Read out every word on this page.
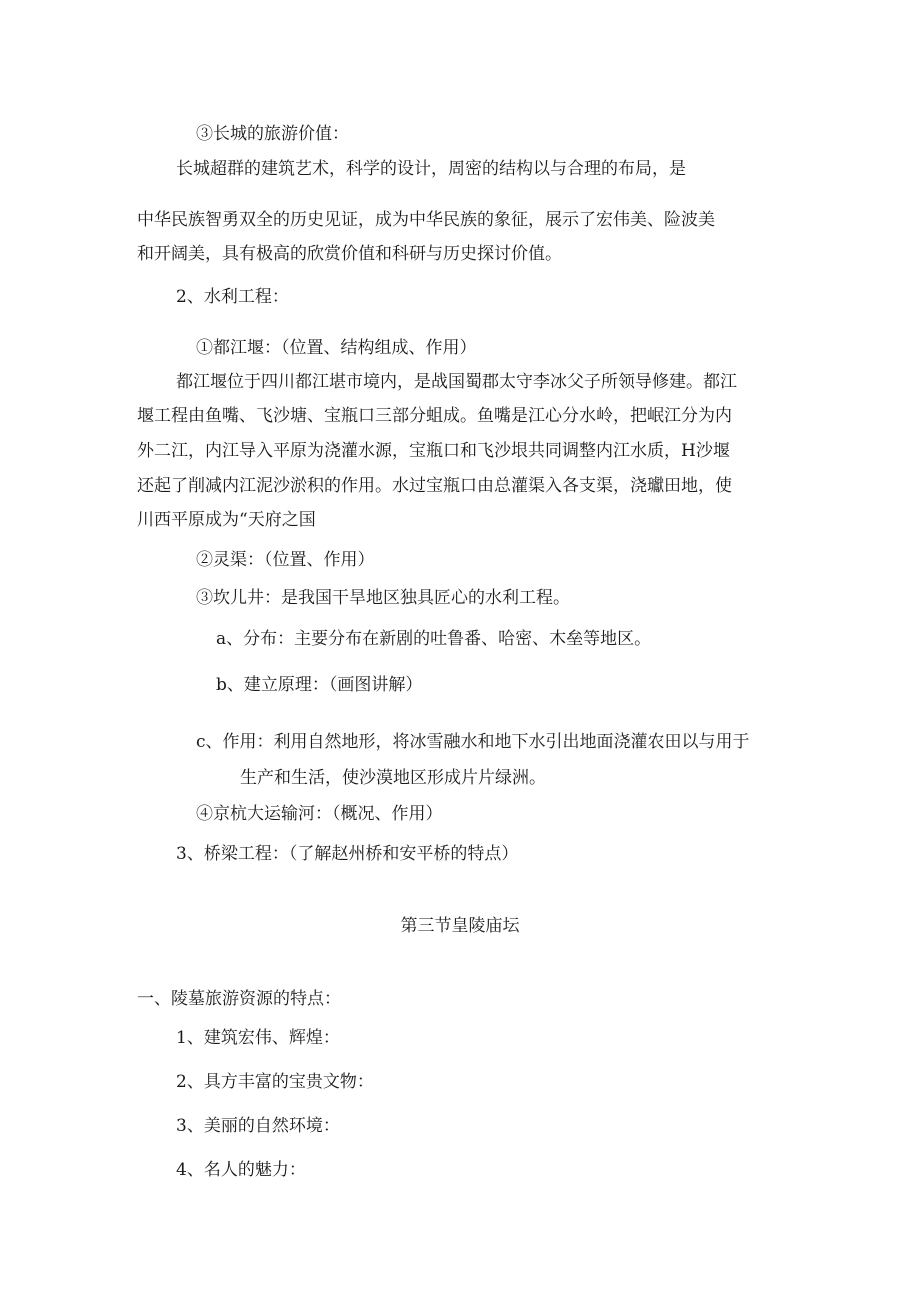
③长城的旅游价值：
长城超群的建筑艺术，科学的设计，周密的结构以与合理的布局，是
中华民族智勇双全的历史见证，成为中华民族的象征，展示了宏伟美、险波美
和开阔美，具有极高的欣赏价值和科研与历史探讨价值。
2、水利工程：
①都江堰：（位置、结构组成、作用）
都江堰位于四川都江堪市境内，是战国蜀郡太守李冰父子所领导修建。都江
堰工程由鱼嘴、飞沙塘、宝瓶口三部分蛆成。鱼嘴是江心分水岭，把岷江分为内
外二江，内江导入平原为浇灌水源，宝瓶口和飞沙垠共同调整内江水质，H沙堰
还起了削减内江泥沙淤积的作用。水过宝瓶口由总灌渠入各支渠，浇瓛田地，使
川西平原成为“天府之国
②灵渠：（位置、作用）
③坎儿井：是我国干旱地区独具匠心的水利工程。
a、分布：主要分布在新剧的吐鲁番、哈密、木垒等地区。
b、建立原理：（画图讲解）
c、作用：利用自然地形，将冰雪融水和地下水引出地面浇灌农田以与用于
生产和生活，使沙漠地区形成片片绿洲。
④京杭大运输河：（概况、作用）
3、桥梁工程：（了解赵州桥和安平桥的特点）
第三节皇陵庙坛
一、陵墓旅游资源的特点：
1、建筑宏伟、辉煌：
2、具方丰富的宝贵文物：
3、美丽的自然环境：
4、名人的魅力：
